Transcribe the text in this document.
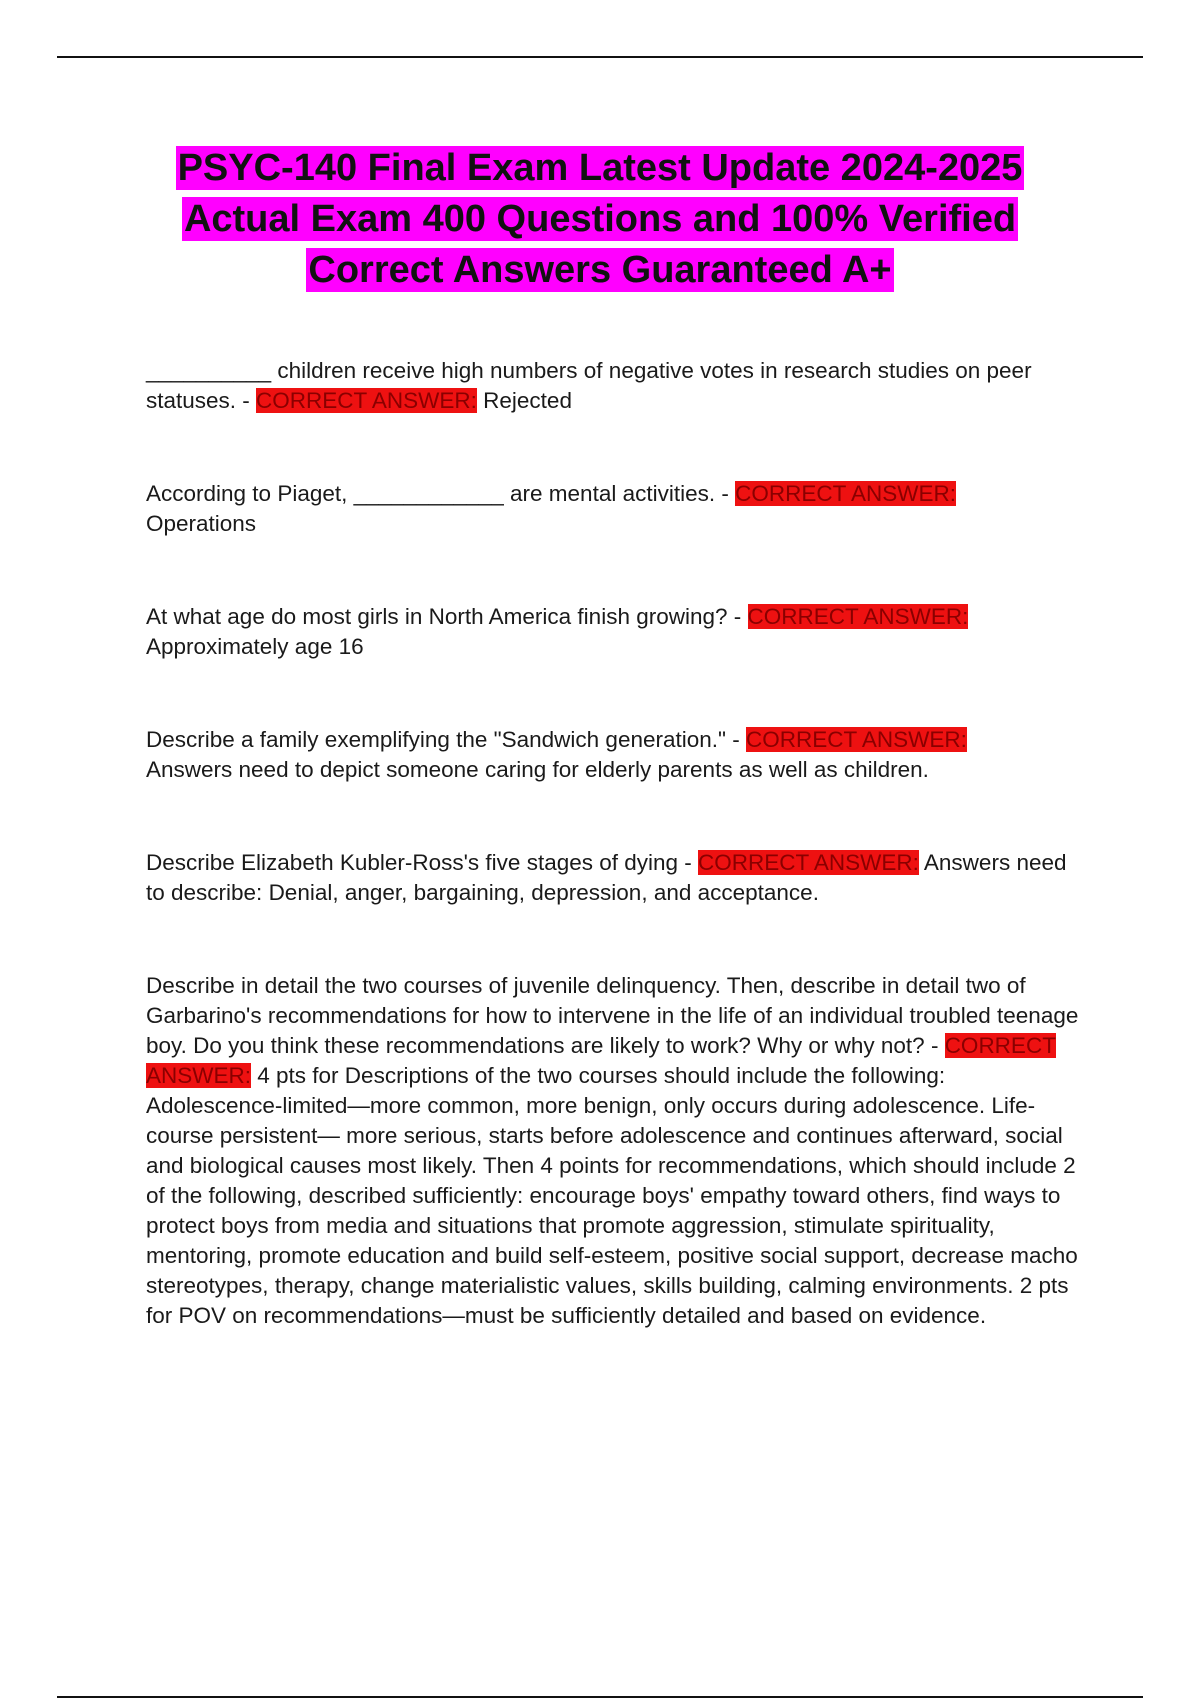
PSYC-140 Final Exam Latest Update 2024-2025
Actual Exam 400 Questions and 100% Verified
Correct Answers Guaranteed A+

__________ children receive high numbers of negative votes in research studies on peer statuses. - CORRECT ANSWER: Rejected

According to Piaget, ____________ are mental activities. - CORRECT ANSWER:
Operations

At what age do most girls in North America finish growing? - CORRECT ANSWER:
Approximately age 16

Describe a family exemplifying the "Sandwich generation." - CORRECT ANSWER:
Answers need to depict someone caring for elderly parents as well as children.

Describe Elizabeth Kubler-Ross's five stages of dying - CORRECT ANSWER: Answers need to describe: Denial, anger, bargaining, depression, and acceptance.

Describe in detail the two courses of juvenile delinquency. Then, describe in detail two of Garbarino's recommendations for how to intervene in the life of an individual troubled teenage boy. Do you think these recommendations are likely to work? Why or why not? - CORRECT ANSWER: 4 pts for Descriptions of the two courses should include the following: Adolescence-limited—more common, more benign, only occurs during adolescence. Life-course persistent— more serious, starts before adolescence and continues afterward, social and biological causes most likely. Then 4 points for recommendations, which should include 2 of the following, described sufficiently: encourage boys' empathy toward others, find ways to protect boys from media and situations that promote aggression, stimulate spirituality, mentoring, promote education and build self-esteem, positive social support, decrease macho stereotypes, therapy, change materialistic values, skills building, calming environments. 2 pts for POV on recommendations—must be sufficiently detailed and based on evidence.
